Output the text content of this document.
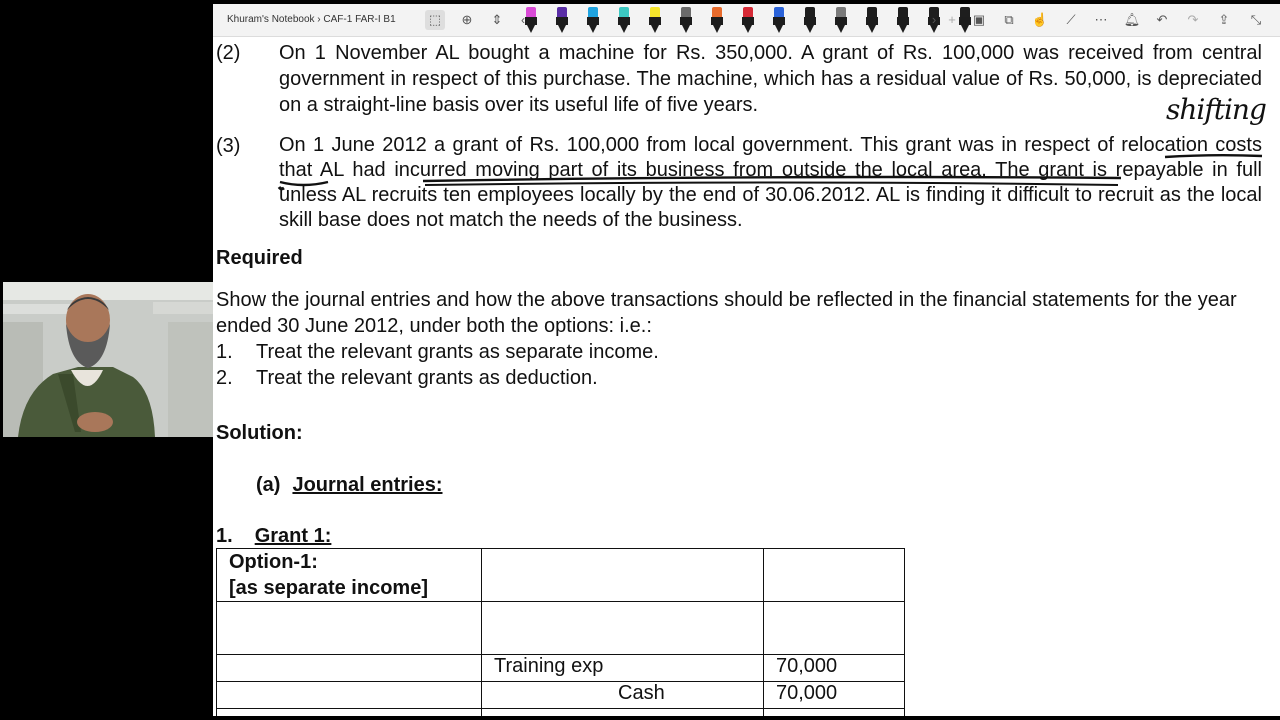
(2) On 1 November AL bought a machine for Rs. 350,000. A grant of Rs. 100,000 was received from central government in respect of this purchase. The machine, which has a residual value of Rs. 50,000, is depreciated on a straight-line basis over its useful life of five years.
(3) On 1 June 2012 a grant of Rs. 100,000 from local government. This grant was in respect of relocation costs that AL had incurred moving part of its business from outside the local area. The grant is repayable in full unless AL recruits ten employees locally by the end of 30.06.2012. AL is finding it difficult to recruit as the local skill base does not match the needs of the business.
Required
Show the journal entries and how the above transactions should be reflected in the financial statements for the year ended 30 June 2012, under both the options: i.e.:
1. Treat the relevant grants as separate income.
2. Treat the relevant grants as deduction.
Solution:
(a) Journal entries:
1. Grant 1:
Option-1:
[as separate income]		

	Training exp	70,000
	Cash	70,000

shifting
Khuram's Notebook › CAF-1 FAR-I B1	⬚	⊕	⇕	‹	› +	▣	⧉	☝	⟋	⋯ 🔔︎ ↶ ↷ ⇪ ⤡
